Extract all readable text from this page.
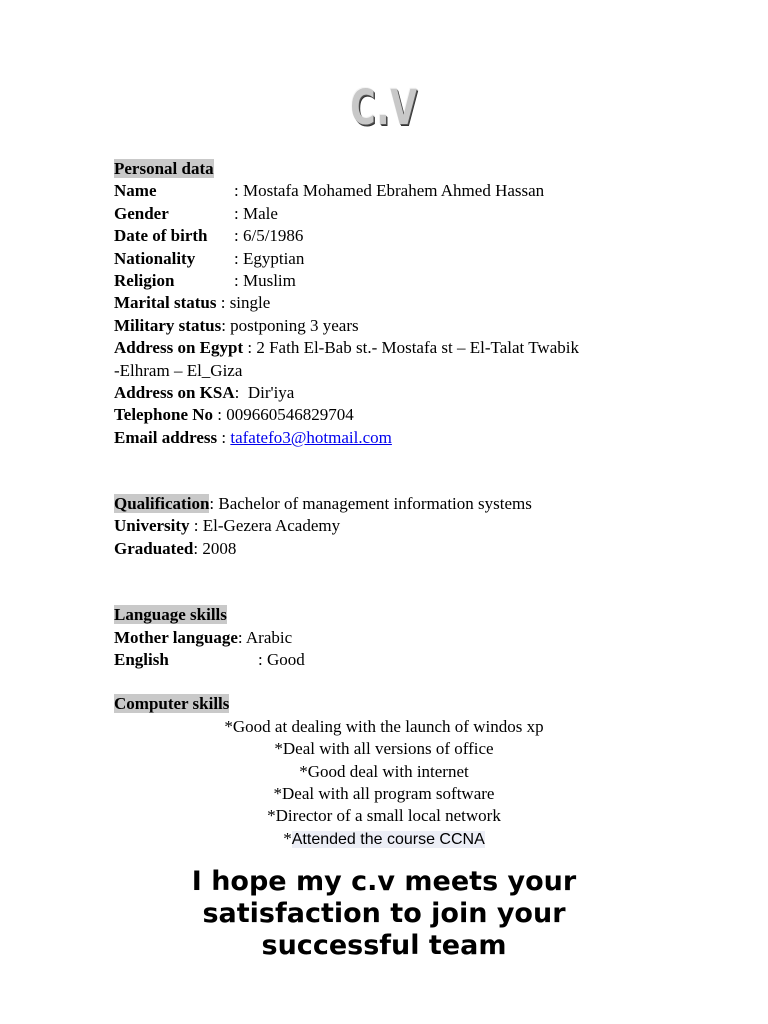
C.V
Personal data
Name	: Mostafa Mohamed Ebrahem Ahmed Hassan
Gender	: Male
Date of birth : 6/5/1986
Nationality : Egyptian
Religion	: Muslim
Marital status : single
Military status: postponing 3 years
Address on Egypt : 2 Fath El-Bab st.- Mostafa st – El-Talat Twabik
-Elhram – El_Giza
Address on KSA:  Dir'iya
Telephone No : 009660546829704
Email address : tafatefo3@hotmail.com
Qualification: Bachelor of management information systems
University : El-Gezera Academy
Graduated: 2008
Language skills
Mother language: Arabic
English	: Good
Computer skills
*Good at dealing with the launch of windos xp
*Deal with all versions of office
*Good deal with internet
*Deal with all program software
*Director of a small local network
*Attended the course CCNA
I hope my c.v meets your
satisfaction to join your
successful team
